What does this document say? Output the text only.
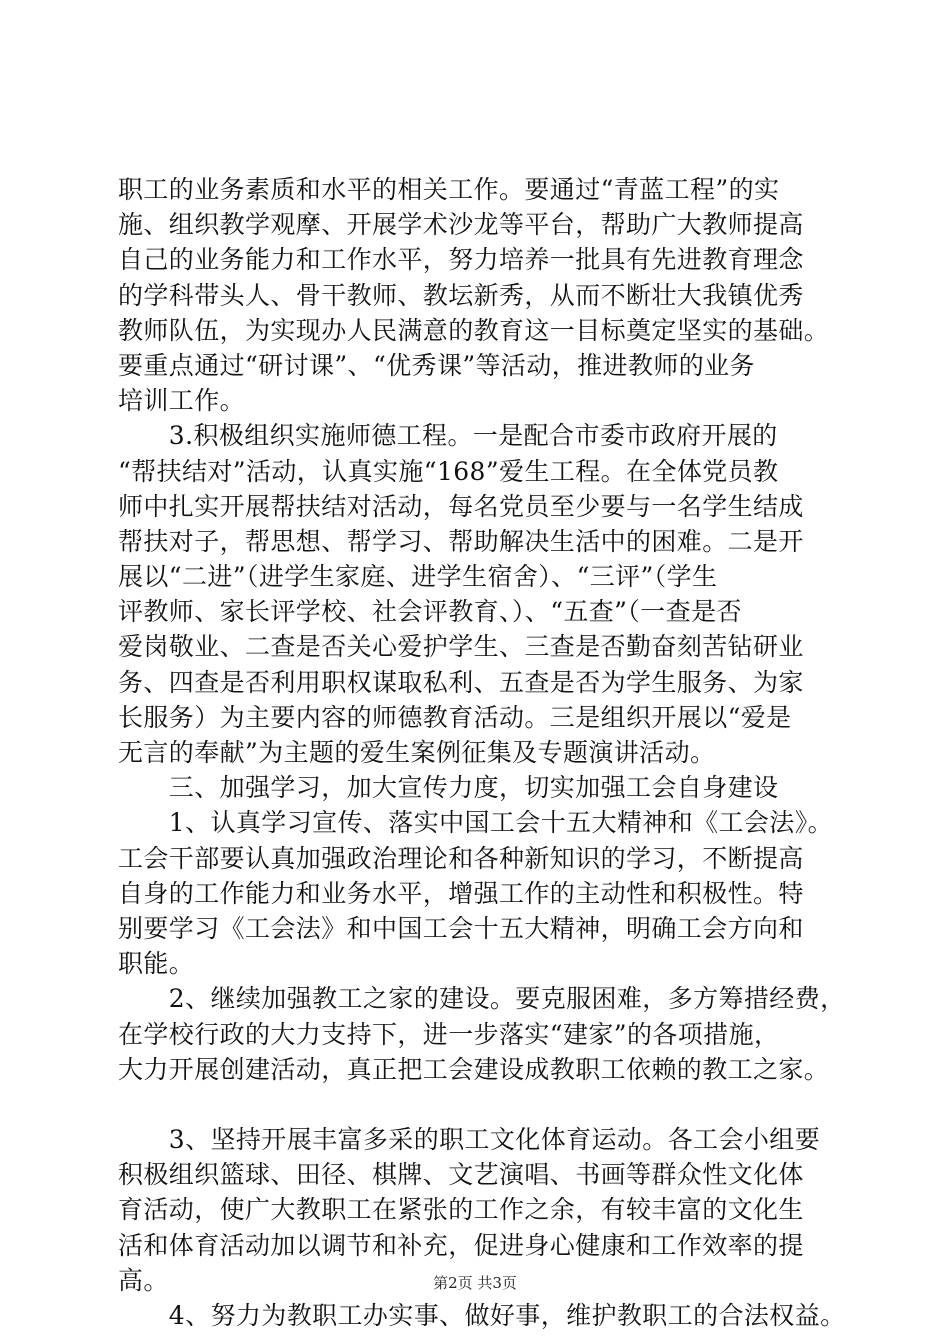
职工的业务素质和水平的相关工作。要通过“青蓝工程”的实
施、组织教学观摩、开展学术沙龙等平台，帮助广大教师提高
自己的业务能力和工作水平，努力培养一批具有先进教育理念
的学科带头人、骨干教师、教坛新秀，从而不断壮大我镇优秀
教师队伍，为实现办人民满意的教育这一目标奠定坚实的基础。
要重点通过“研讨课”、“优秀课”等活动，推进教师的业务
培训工作。
　　3.积极组织实施师德工程。一是配合市委市政府开展的
“帮扶结对”活动，认真实施“168”爱生工程。在全体党员教
师中扎实开展帮扶结对活动，每名党员至少要与一名学生结成
帮扶对子，帮思想、帮学习、帮助解决生活中的困难。二是开
展以“二进”（进学生家庭、进学生宿舍）、“三评”（学生
评教师、家长评学校、社会评教育、）、“五查”（一查是否
爱岗敬业、二查是否关心爱护学生、三查是否勤奋刻苦钻研业
务、四查是否利用职权谋取私利、五查是否为学生服务、为家
长服务）为主要内容的师德教育活动。三是组织开展以“爱是
无言的奉献”为主题的爱生案例征集及专题演讲活动。
　　三、加强学习，加大宣传力度，切实加强工会自身建设
　　1、认真学习宣传、落实中国工会十五大精神和《工会法》。
工会干部要认真加强政治理论和各种新知识的学习，不断提高
自身的工作能力和业务水平，增强工作的主动性和积极性。特
别要学习《工会法》和中国工会十五大精神，明确工会方向和
职能。
　　2、继续加强教工之家的建设。要克服困难，多方筹措经费，
在学校行政的大力支持下，进一步落实“建家”的各项措施，
大力开展创建活动，真正把工会建设成教职工依赖的教工之家。
　　3、坚持开展丰富多采的职工文化体育运动。各工会小组要
积极组织篮球、田径、棋牌、文艺演唱、书画等群众性文化体
育活动，使广大教职工在紧张的工作之余，有较丰富的文化生
活和体育活动加以调节和补充，促进身心健康和工作效率的提
高。
　　4、努力为教职工办实事、做好事，维护教职工的合法权益。
第2页 共3页
